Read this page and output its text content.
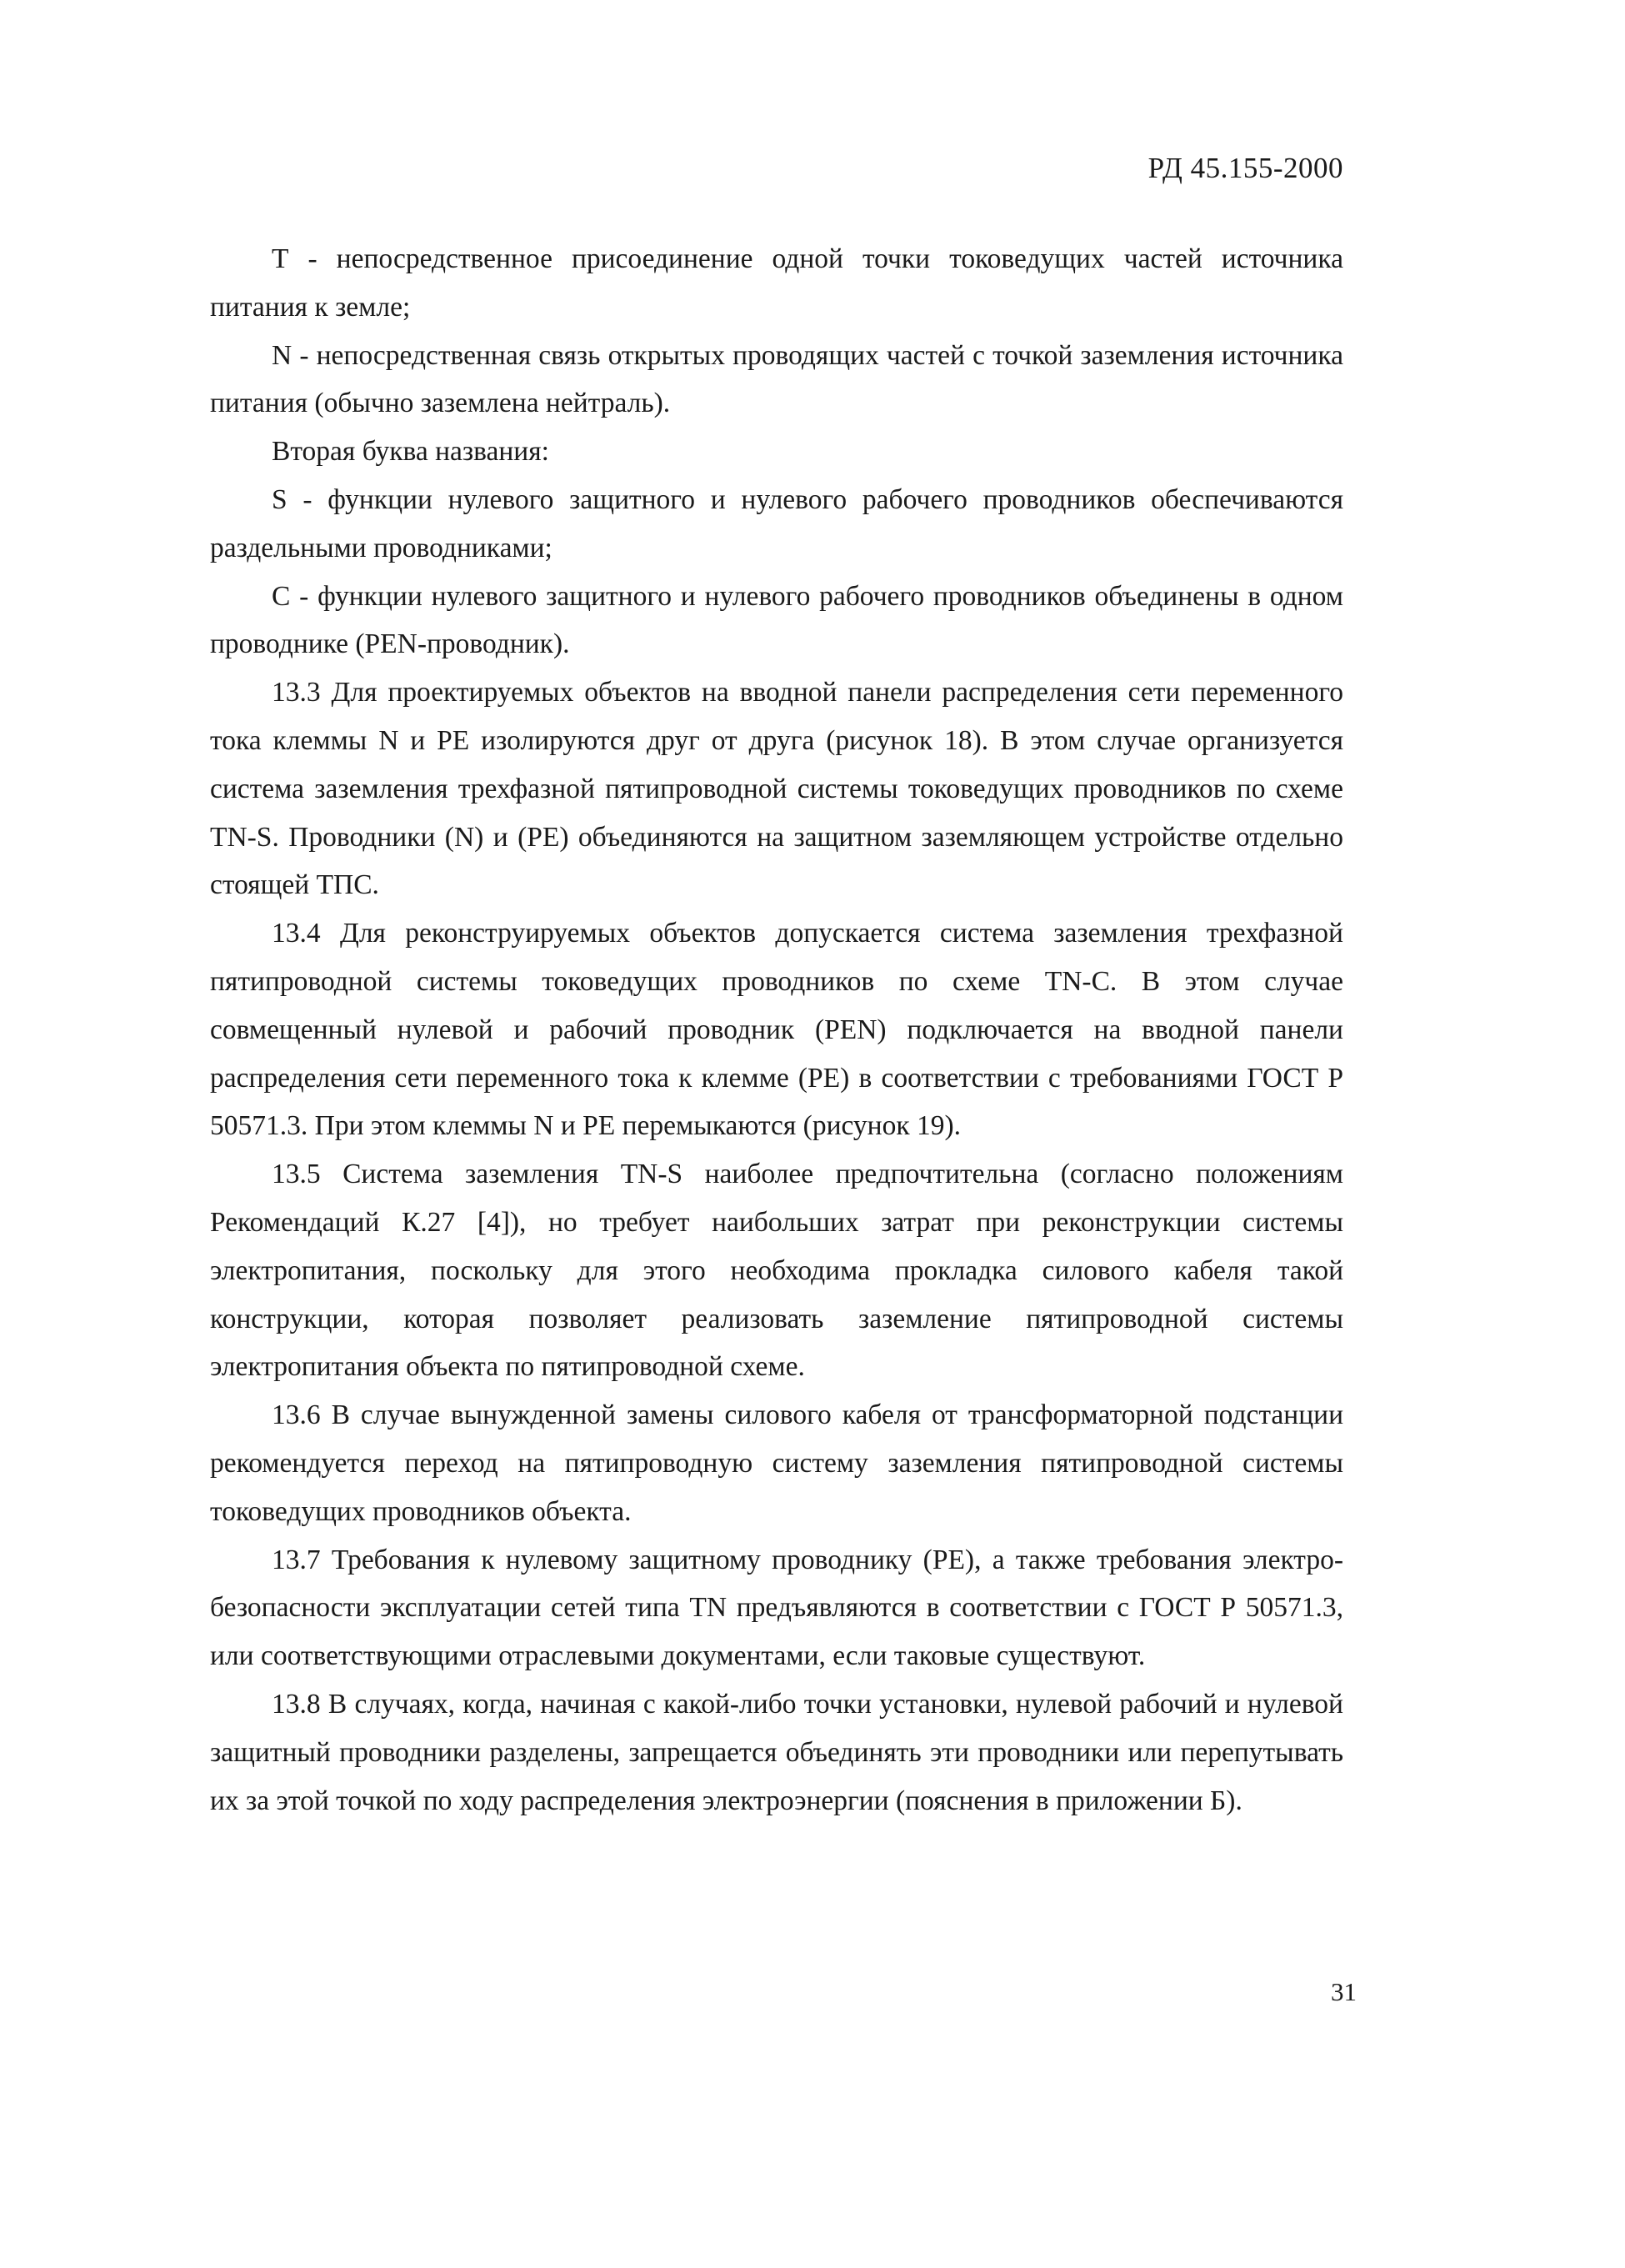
РД 45.155-2000

Т - непосредственное присоединение одной точки токоведущих частей источника питания к земле;

N - непосредственная связь открытых проводящих частей с точкой заземления источника питания (обычно заземлена нейтраль).

Вторая буква названия:

S - функции нулевого защитного и нулевого рабочего проводников обеспечиваются раздельными проводниками;

С - функции нулевого защитного и нулевого рабочего проводников объединены в одном проводнике (PEN-проводник).

13.3 Для проектируемых объектов на вводной панели распределения сети переменного тока клеммы N и РЕ изолируются друг от друга (рисунок 18). В этом случае организуется система заземления трехфазной пятипроводной системы токоведущих проводников по схеме TN-S. Проводники (N) и (РЕ) объединяются на защитном заземляющем устройстве отдельно стоящей ТПС.

13.4 Для реконструируемых объектов допускается система заземления трехфазной пятипроводной системы токоведущих проводников по схеме TN-C. В этом случае совмещенный нулевой и рабочий проводник (PEN) подключается на вводной панели распределения сети переменного тока к клемме (РЕ) в соответствии с требованиями ГОСТ Р 50571.3. При этом клеммы N и РЕ перемыкаются (рисунок 19).

13.5 Система заземления TN-S наиболее предпочтительна (согласно положениям Рекомендаций К.27 [4]), но требует наибольших затрат при реконструкции системы электропитания, поскольку для этого необходима прокладка силового кабеля такой конструкции, которая позволяет реализовать заземление пятипроводной системы электропитания объекта по пятипроводной схеме.

13.6 В случае вынужденной замены силового кабеля от трансформаторной подстанции рекомендуется переход на пятипроводную систему заземления пятипроводной системы токоведущих проводников объекта.

13.7 Требования к нулевому защитному проводнику (РЕ), а также требования электро-безопасности эксплуатации сетей типа TN предъявляются в соответствии с ГОСТ Р 50571.3, или соответствующими отраслевыми документами, если таковые существуют.

13.8 В случаях, когда, начиная с какой-либо точки установки, нулевой рабочий и нулевой защитный проводники разделены, запрещается объединять эти проводники или перепутывать их за этой точкой по ходу распределения электроэнергии (пояснения в приложении Б).

31
